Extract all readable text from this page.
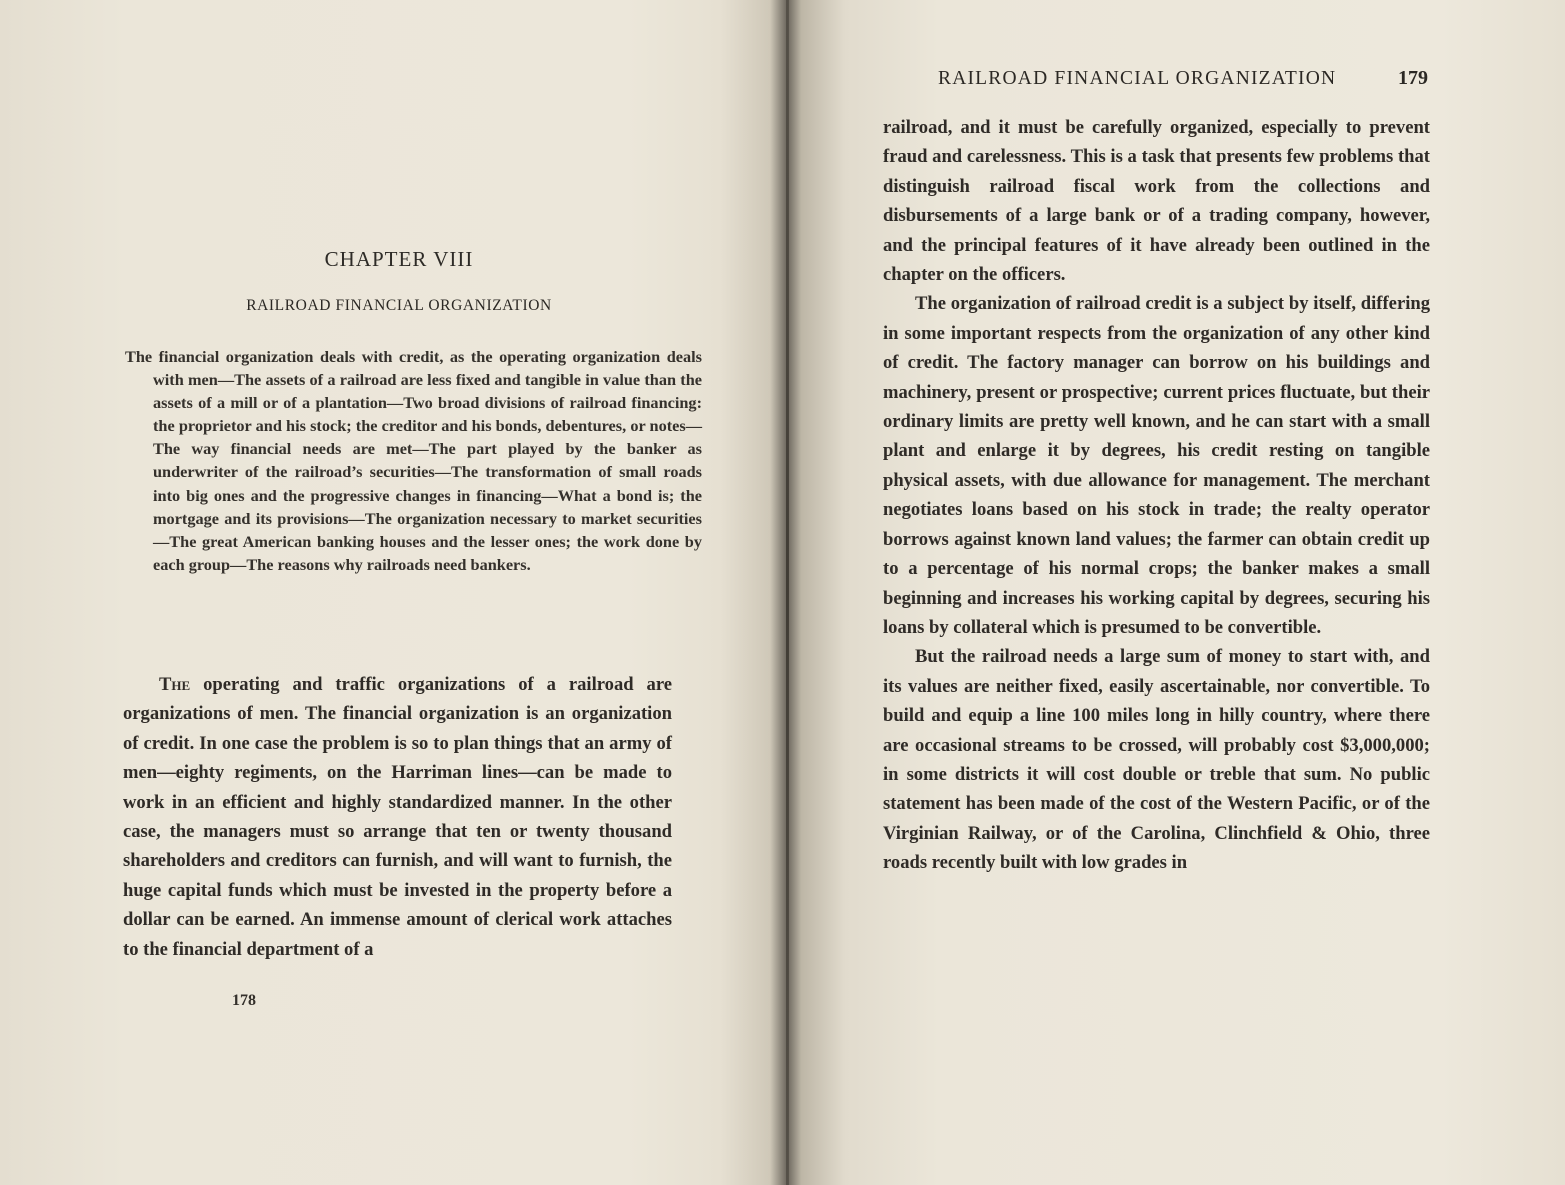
CHAPTER VIII
RAILROAD FINANCIAL ORGANIZATION

The financial organization deals with credit, as the operating organization deals with men—The assets of a railroad are less fixed and tangible in value than the assets of a mill or of a plantation—Two broad divisions of railroad financing: the proprietor and his stock; the creditor and his bonds, debentures, or notes—The way financial needs are met—The part played by the banker as underwriter of the railroad’s securities—The transformation of small roads into big ones and the progressive changes in financing—What a bond is; the mortgage and its provisions—The organization necessary to market securities—The great American banking houses and the lesser ones; the work done by each group—The reasons why railroads need bankers.

The operating and traffic organizations of a railroad are organizations of men. The financial organization is an organization of credit. In one case the problem is so to plan things that an army of men—eighty regiments, on the Harriman lines—can be made to work in an efficient and highly standardized manner. In the other case, the managers must so arrange that ten or twenty thousand shareholders and creditors can furnish, and will want to furnish, the huge capital funds which must be invested in the property before a dollar can be earned. An immense amount of clerical work attaches to the financial department of a

178
RAILROAD FINANCIAL ORGANIZATION	179

railroad, and it must be carefully organized, especially to prevent fraud and carelessness. This is a task that presents few problems that distinguish railroad fiscal work from the collections and disbursements of a large bank or of a trading company, however, and the principal features of it have already been outlined in the chapter on the officers.

The organization of railroad credit is a subject by itself, differing in some important respects from the organization of any other kind of credit. The factory manager can borrow on his buildings and machinery, present or prospective; current prices fluctuate, but their ordinary limits are pretty well known, and he can start with a small plant and enlarge it by degrees, his credit resting on tangible physical assets, with due allowance for management. The merchant negotiates loans based on his stock in trade; the realty operator borrows against known land values; the farmer can obtain credit up to a percentage of his normal crops; the banker makes a small beginning and increases his working capital by degrees, securing his loans by collateral which is presumed to be convertible.

But the railroad needs a large sum of money to start with, and its values are neither fixed, easily ascertainable, nor convertible. To build and equip a line 100 miles long in hilly country, where there are occasional streams to be crossed, will probably cost $3,000,000; in some districts it will cost double or treble that sum. No public statement has been made of the cost of the Western Pacific, or of the Virginian Railway, or of the Carolina, Clinchfield & Ohio, three roads recently built with low grades in
